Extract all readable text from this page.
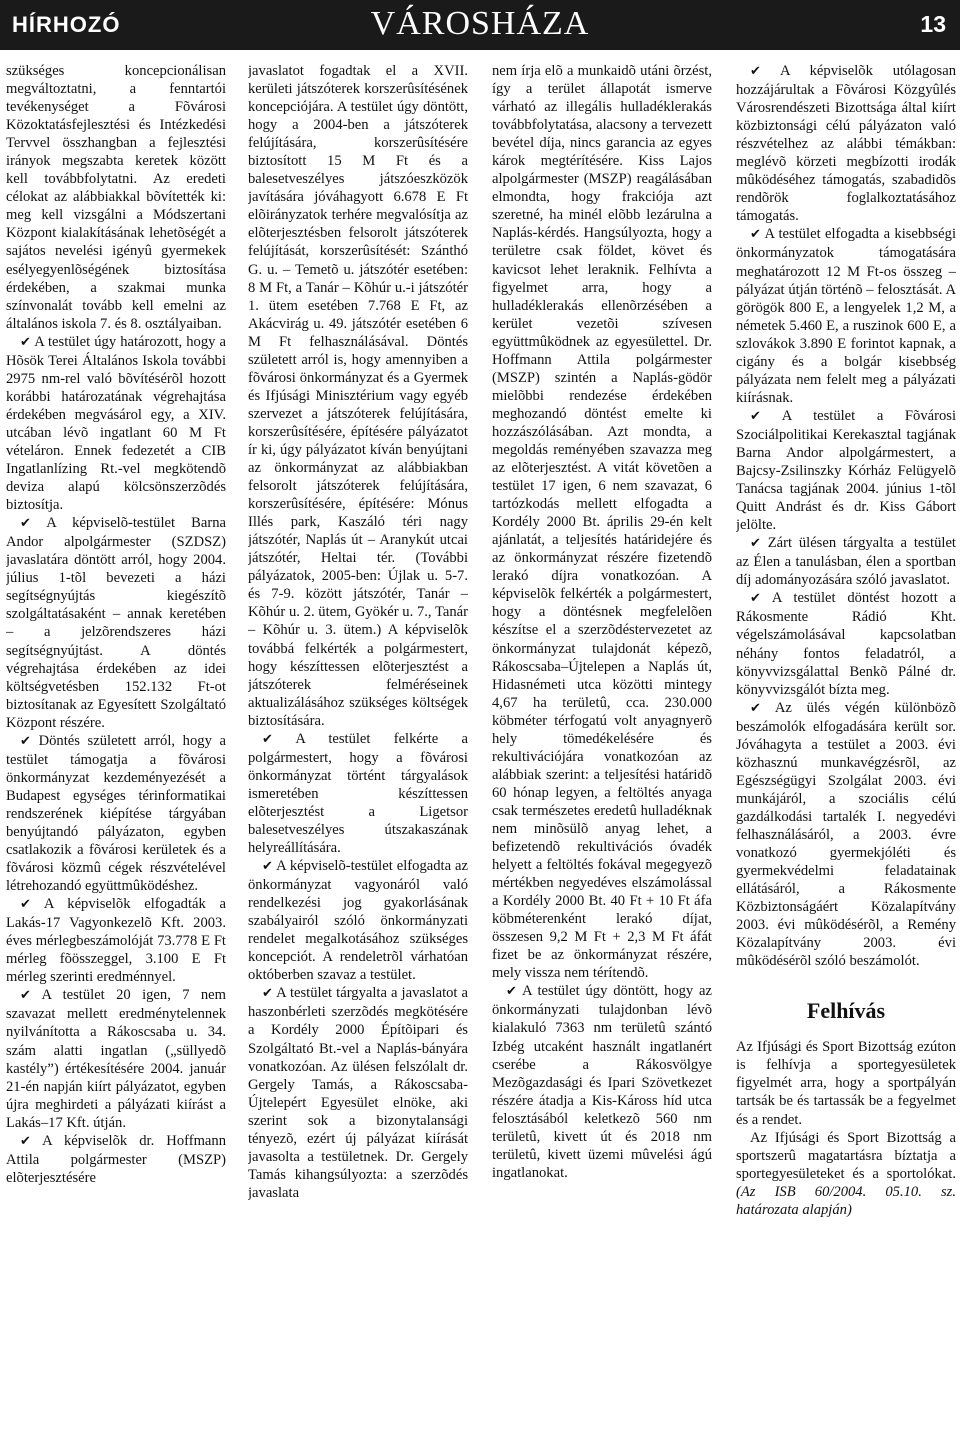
HÍRHOZÓ	VÁROSHÁZA	13

szükséges koncepcionálisan megváltoztatni, a fenntartói tevékenységet a Fõvárosi Közoktatásfejlesztési és Intézkedési Tervvel összhangban a fejlesztési irányok megszabta keretek között kell továbbfolytatni. Az eredeti célokat az alábbiakkal bõvítették ki: meg kell vizsgálni a Módszertani Központ kialakításának lehetõségét a sajátos nevelési igényû gyermekek esélyegyenlõségének biztosítása érdekében, a szakmai munka színvonalát tovább kell emelni az általános iskola 7. és 8. osztályaiban.

✔ A testület úgy határozott, hogy a Hõsök Terei Általános Iskola további 2975 nm-rel való bõvítésérõl hozott korábbi határozatának végrehajtása érdekében megvásárol egy, a XIV. utcában lévõ ingatlant 60 M Ft vételáron. Ennek fedezetét a CIB Ingatlanlízing Rt.-vel megkötendõ deviza alapú kölcsönszerzõdés biztosítja.

✔ A képviselõ-testület Barna Andor alpolgármester (SZDSZ) javaslatára döntött arról, hogy 2004. július 1-tõl bevezeti a házi segítségnyújtás kiegészítõ szolgáltatásaként – annak keretében – a jelzõrendszeres házi segítségnyújtást. A döntés végrehajtása érdekében az idei költségvetésben 152.132 Ft-ot biztosítanak az Egyesített Szolgáltató Központ részére.

✔ Döntés született arról, hogy a testület támogatja a fõvárosi önkormányzat kezdeményezését a Budapest egységes térinformatikai rendszerének kiépítése tárgyában benyújtandó pályázaton, egyben csatlakozik a fõvárosi kerületek és a fõvárosi közmû cégek részvételével létrehozandó együttmûködéshez.

✔ A képviselõk elfogadták a Lakás-17 Vagyonkezelõ Kft. 2003. éves mérlegbeszámolóját 73.778 E Ft mérleg fõösszeggel, 3.100 E Ft mérleg szerinti eredménnyel.

✔ A testület 20 igen, 7 nem szavazat mellett eredménytelennek nyilvánította a Rákoscsaba u. 34. szám alatti ingatlan („süllyedõ kastély”) értékesítésére 2004. január 21-én napján kiírt pályázatot, egyben újra meghirdeti a pályázati kiírást a Lakás–17 Kft. útján.

✔ A képviselõk dr. Hoffmann Attila polgármester (MSZP) elõterjesztésére

javaslatot fogadtak el a XVII. kerületi játszóterek korszerûsítésének koncepciójára. A testület úgy döntött, hogy a 2004-ben a játszóterek felújítására, korszerûsítésére biztosított 15 M Ft és a balesetveszélyes játszóeszközök javítására jóváhagyott 6.678 E Ft elõirányzatok terhére megvalósítja az elõterjesztésben felsorolt játszóterek felújítását, korszerûsítését: Szánthó G. u. – Temetõ u. játszótér esetében: 8 M Ft, a Tanár – Kõhúr u.-i játszótér 1. ütem esetében 7.768 E Ft, az Akácvirág u. 49. játszótér esetében 6 M Ft felhasználásával. Döntés született arról is, hogy amennyiben a fõvárosi önkormányzat és a Gyermek és Ifjúsági Minisztérium vagy egyéb szervezet a játszóterek felújítására, korszerûsítésére, építésére pályázatot ír ki, úgy pályázatot kíván benyújtani az önkormányzat az alábbiakban felsorolt játszóterek felújítására, korszerûsítésére, építésére: Mónus Illés park, Kaszáló téri nagy játszótér, Naplás út – Aranykút utcai játszótér, Heltai tér. (További pályázatok, 2005-ben: Újlak u. 5-7. és 7-9. között játszótér, Tanár – Kõhúr u. 2. ütem, Gyökér u. 7., Tanár – Kõhúr u. 3. ütem.) A képviselõk továbbá felkérték a polgármestert, hogy készíttessen elõterjesztést a játszóterek felméréseinek aktualizálásához szükséges költségek biztosítására.

✔ A testület felkérte a polgármestert, hogy a fõvárosi önkormányzat történt tárgyalások ismeretében készíttessen elõterjesztést a Ligetsor balesetveszélyes útszakaszának helyreállítására.

✔ A képviselõ-testület elfogadta az önkormányzat vagyonáról való rendelkezési jog gyakorlásának szabályairól szóló önkormányzati rendelet megalkotásához szükséges koncepciót. A rendeletrõl várhatóan októberben szavaz a testület.

✔ A testület tárgyalta a javaslatot a haszonbérleti szerzõdés megkötésére a Kordély 2000 Építõipari és Szolgáltató Bt.-vel a Naplás-bányára vonatkozóan. Az ülésen felszólalt dr. Gergely Tamás, a Rákoscsaba-Újtelepért Egyesület elnöke, aki szerint sok a bizonytalansági tényezõ, ezért új pályázat kiírását javasolta a testületnek. Dr. Gergely Tamás kihangsúlyozta: a szerzõdés javaslata

nem írja elõ a munkaidõ utáni õrzést, így a terület állapotát ismerve várható az illegális hulladéklerakás továbbfolytatása, alacsony a tervezett bevétel díja, nincs garancia az egyes károk megtérítésére. Kiss Lajos alpolgármester (MSZP) reagálásában elmondta, hogy frakciója azt szeretné, ha minél elõbb lezárulna a Naplás-kérdés. Hangsúlyozta, hogy a területre csak földet, követ és kavicsot lehet leraknik. Felhívta a figyelmet arra, hogy a hulladéklerakás ellenõrzésében a kerület vezetõi szívesen együttmûködnek az egyesülettel. Dr. Hoffmann Attila polgármester (MSZP) szintén a Naplás-gödör mielõbbi rendezése érdekében meghozandó döntést emelte ki hozzászólásában. Azt mondta, a megoldás reményében szavazza meg az elõterjesztést. A vitát követõen a testület 17 igen, 6 nem szavazat, 6 tartózkodás mellett elfogadta a Kordély 2000 Bt. április 29-én kelt ajánlatát, a teljesítés határidejére és az önkormányzat részére fizetendõ lerakó díjra vonatkozóan. A képviselõk felkérték a polgármestert, hogy a döntésnek megfelelõen készítse el a szerzõdéstervezetet az önkormányzat tulajdonát képezõ, Rákoscsaba–Újtelepen a Naplás út, Hidasnémeti utca közötti mintegy 4,67 ha területû, cca. 230.000 köbméter térfogatú volt anyagnyerõ hely tömedékelésére és rekultivációjára vonatkozóan az alábbiak szerint: a teljesítési határidõ 60 hónap legyen, a feltöltés anyaga csak természetes eredetû hulladéknak nem minõsülõ anyag lehet, a befizetendõ rekultivációs óvadék helyett a feltöltés fokával megegyezõ mértékben negyedéves elszámolással a Kordély 2000 Bt. 40 Ft + 10 Ft áfa köbméterenként lerakó díjat, összesen 9,2 M Ft + 2,3 M Ft áfát fizet be az önkormányzat részére, mely vissza nem térítendõ.

✔ A testület úgy döntött, hogy az önkormányzati tulajdonban lévõ kialakuló 7363 nm területû szántó Izbég utcaként használt ingatlanért cserébe a Rákosvölgye Mezõgazdasági és Ipari Szövetkezet részére átadja a Kis-Káross híd utca felosztásából keletkezõ 560 nm területû, kivett út és 2018 nm területû, kivett üzemi mûvelési ágú ingatlanokat.

✔ A képviselõk utólagosan hozzájárultak a Fõvárosi Közgyûlés Városrendészeti Bizottsága által kiírt közbiztonsági célú pályázaton való részvételhez az alábbi témákban: meglévõ körzeti megbízotti irodák mûködéséhez támogatás, szabadidõs rendõrök foglalkoztatásához támogatás.

✔ A testület elfogadta a kisebbségi önkormányzatok támogatására meghatározott 12 M Ft-os összeg – pályázat útján történõ – felosztását. A görögök 800 E, a lengyelek 1,2 M, a németek 5.460 E, a ruszinok 600 E, a szlovákok 3.890 E forintot kapnak, a cigány és a bolgár kisebbség pályázata nem felelt meg a pályázati kiírásnak.

✔ A testület a Fõvárosi Szociálpolitikai Kerekasztal tagjának Barna Andor alpolgármestert, a Bajcsy-Zsilinszky Kórház Felügyelõ Tanácsa tagjának 2004. június 1-tõl Quitt Andrást és dr. Kiss Gábort jelölte.

✔ Zárt ülésen tárgyalta a testület az Élen a tanulásban, élen a sportban díj adományozására szóló javaslatot.

✔ A testület döntést hozott a Rákosmente Rádió Kht. végelszámolásával kapcsolatban néhány fontos feladatról, a könyvvizsgálattal Benkõ Pálné dr. könyvvizsgálót bízta meg.

✔ Az ülés végén különbözõ beszámolók elfogadására került sor. Jóváhagyta a testület a 2003. évi közhasznú munkavégzésrõl, az Egészségügyi Szolgálat 2003. évi munkájáról, a szociális célú gazdálkodási tartalék I. negyedévi felhasználásáról, a 2003. évre vonatkozó gyermekjóléti és gyermekvédelmi feladatainak ellátásáról, a Rákosmente Közbiztonságáért Közalapítvány 2003. évi mûködésérõl, a Remény Közalapítvány 2003. évi mûködésérõl szóló beszámolót.

Felhívás

Az Ifjúsági és Sport Bizottság ezúton is felhívja a sportegyesületek figyelmét arra, hogy a sportpályán tartsák be és tartassák be a fegyelmet és a rendet.

Az Ifjúsági és Sport Bizottság a sportszerû magatartásra bíztatja a sportegyesületeket és a sportolókat. (Az ISB 60/2004. 05.10. sz. határozata alapján)
